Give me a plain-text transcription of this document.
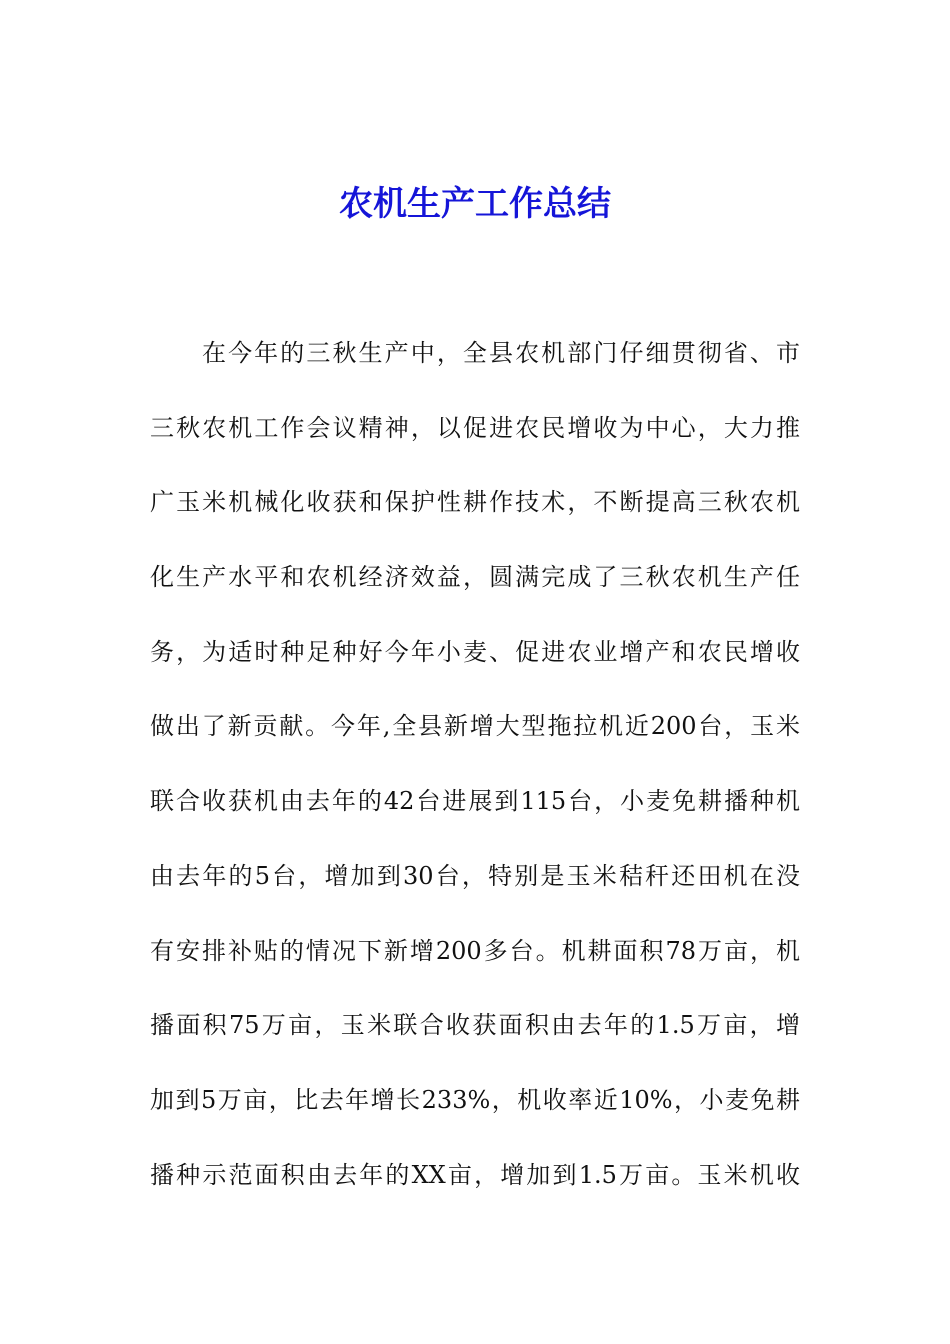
农机生产工作总结
在今年的三秋生产中，全县农机部门仔细贯彻省、市
三秋农机工作会议精神，以促进农民增收为中心，大力推
广玉米机械化收获和保护性耕作技术，不断提高三秋农机
化生产水平和农机经济效益，圆满完成了三秋农机生产任
务，为适时种足种好今年小麦、促进农业增产和农民增收
做出了新贡献。今年,全县新增大型拖拉机近200台，玉米
联合收获机由去年的42台进展到115台，小麦免耕播种机
由去年的5台，增加到30台，特别是玉米秸秆还田机在没
有安排补贴的情况下新增200多台。机耕面积78万亩，机
播面积75万亩，玉米联合收获面积由去年的1.5万亩，增
加到5万亩，比去年增长233%，机收率近10%，小麦免耕
播种示范面积由去年的XX亩，增加到1.5万亩。玉米机收
